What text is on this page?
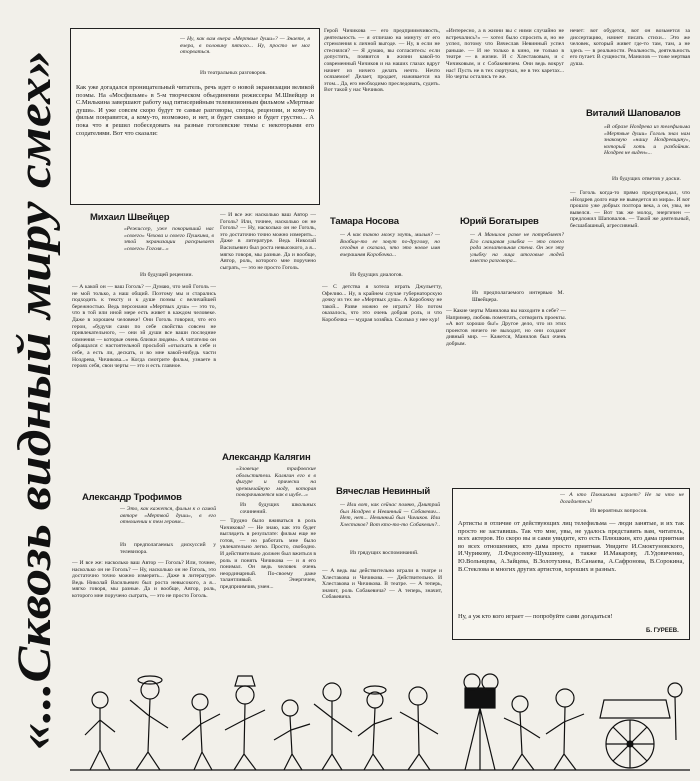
«...Сквозь видный миру смех»
— Ну, как вам вчера «Мертвые души»? — Знаете, я вчера, в половину пятого... Ну, просто не мог оторваться.
Из театральных разговоров.
Как уже догадался проницательный читатель, речь идет о новой экранизации великой поэмы. На «Мосфильме» в 5-м творческом объединении режиссеры М.Швейцер и С.Милькина завершают работу над пятисерийным телевизионным фильмом «Мертвые души». И уже совсем скоро будут те самые разговоры, споры, рецензии, и кому-то фильм понравится, а кому-то, возможно, и нет, и будет смешно и будет грустно... А пока что я решил побеседовать на разные гоголевские темы с некоторыми его создателями. Вот что сказали:
Герой Чичикова — его предприимчивость, деятельность — я отличаю на минуту от его стремления к личной выгоде. — Ну, в если не стеснялся? — Я думаю, вы согласитесь: если допустить, появится в жизни какой-то современный Чичиков и на наших глазах вдруг начнет из ничего делать нечто. Нечто осязаемое! Делает, продает, наживается на этом... Да, его необходимо преследовать, судить. Вот такой у нас Чичиков.
«Интересно, а в жизни вы с ними случайно не встречались?» — хотел было спросить я, но не успел, потому что Вячеслав Невинный успел раньше. — И не только в кино, не только в театре — в жизни. И с Хлестаковым, и с Чичиковым, и с Собакевичем. Они ведь вокруг нас! Пусть не в тех сюртуках, не в тех каретах... Но черты остались те же.
нечет: вот обудется, вот он возьмется за диссертацию, начнет писать стихи... Это же человек, который живет где-то там, там, а не здесь — в реальности. Реальность, деятельность его пугает. В сущности, Манилов — тоже мертвая душа.
Виталий Шаповалов
«В образе Ноздрева из телефильма «Мертвые души» Гоголь знал нам знакомую «нашу Ноздревщину», который хоть и разбойник. Ноздрев не виден»...
Из будущих ответов у доски.
— Гоголь когда-то прямо предупреждал, что «Ноздрев долго еще не выведется из мира». И вот прошло уже добрых полтора века, а он, увы, не вывелся. — Вот так же молод, энергичен — предложил Шаповалов. — Такой же деятельный, бесшабашный, агрессивный.
Михаил Швейцер
«Режиссер, уже покоривший нас «своего» Чехова и своего Пушкина, в этой экранизации раскрывает «своего» Гоголя...»
Из будущей рецензии.
— А какой он — ваш Гоголь? — Думаю, что мой Гоголь — не мой только, а наш общий. Поэтому мы и старались подходить к тексту и к душе поэмы с величайшей бережностью. Ведь персонажи «Мертвых душ» — это то, что в той или иной мере есть живет в каждом человеке. Даже в хорошем человеке! Они Гоголь говорил, что его герои, «будучи сами по себе свойства совсем не привлекательного, — они эй души все ваши последние сомнения — которые очень близки людям». А читателю он обращался с настоятельной просьбой «отыскать в себе и себе, а есть ли, дескать, и во мне какой-нибудь части Ноздрева, Чичикова...» Когда смотрите фильм, узнаете в героях себя, свои черты — это и есть главное.
— И все же: насколько ваш Автор — Гоголь? Или, точнее, насколько он не Гоголь? — Ну, насколько он не Гоголь, это достаточно точно можно измерить... Даже в литературе. Ведь Николай Васильевич был роста невысокого, а я... мягко говоря, мы разные. Да и вообще, Автор, роль, которого мне поручено сыграть, — это не просто Гоголь.
Тамара Носова
— А как такою можу зоуть, милыя? — Вообще-то ее зовут по-другому, но сегодня я сказала, что это новое имя вчерашняя Коробочка...
Из будущих диалогов.
— С детства я хотела играть Джульетту, Офелию... Ну, в крайнем случае губернаторскую дочку из тех же «Мертвых душ». А Коробочку не такой... Разве можно ее играть? Но потом оказалось, что это очень добрая роль, и что Коробочка — мудрая хозяйка. Сколько у нее кур!
Юрий Богатырев
— А Манилов разве не потребляет? Его слащавая улыбка — это своего рода желательная стена. Он же эту улыбку на лица итоговые людей вместо разговора...
Из предполагаемого интервью М. Швейцера.
— Какие черты Манилова вы находите в себе? — Например, любовь помечтать, сотворить проекты. «А вот хорошо бы!» Другое дело, что из этих проектов ничего не выходит, но они создают дивный мир. — Кажется, Манилов был очень добрым.
Александр Калягин
«Зловеще трафовские обольстители. Калягин его в в фигуре и прически на чрезвычайную моду, которая поворачивается как в шубе...»
Из будущих школьных сочинений.
— Трудно было вживаться в роль Чичикова? — Не знаю, как это будет выглядеть в результате: фильм еще не готов, — но работать мне было увлекательно легко. Просто, свободно. И действительно должен был вжиться в роль и понять Чичикова — и я его понимал. Он ведь человек очень неординарный. По-своему даже талантливый. Энергичен, предприимчив, умен...
Александр Трофимов
— Это, как кажется, фильм к о самой авторе «Мертвой души», в его отношении к тем героям...
Из предполагаемых дискуссий у телевизора.
— И все же: насколько ваш Автор — Гоголь? Или, точнее, насколько он не Гоголь? — Ну, насколько он не Гоголь, это достаточно точно можно измерить... Даже в литературе. Ведь Николай Васильевич был роста невысокого, а я... мягко говоря, мы разные. Да и вообще, Автор, роль, которого мне поручено сыграть, — это не просто Гоголь.
Вячеслав Невинный
— Или вот, как сейчас помню, Дмитрий был Ноздрев в Невинный — Собакевич... Нет, нет... Невинный был Чичиков. Или Хлестаков? Вот кто-то-то Собакевич?..
Из грядущих воспоминаний.
— А ведь вы действительно играли в театре и Хлестакова и Чичикова. — Действительно. И Хлестакова и Чичикова. В театре. — А теперь, значит, роль Собакевича? — А теперь, значит, Собакевича.
— А кто Плюшкина играет? Не за что не догадаетесь!
Из вероятных вопросов.
Артисты в отличие от действующих лиц телефильма — люди занятые, и их так просто не заставишь. Так что мне, увы, не удалось представить вам, читатель, всех актеров. Но скоро вы и сами увидите, кто есть Плюшкин, кто дама приятная во всех отношениях, кто дама просто приятная. Увидите И.Смоктуновского, И.Чурикову, Л.Федосееву-Шукшину, а также И.Макарову, Л.Удовиченко, Ю.Вольнцева, А.Зайцева, В.Золотухина, В.Санаева, А.Сафронова, В.Сорокина, В.Стеклова и многих других артистов, хороших и разных.
Ну, а уж кто кого играет — попробуйте сами догадаться!
Б. ГУРЕЕВ.
